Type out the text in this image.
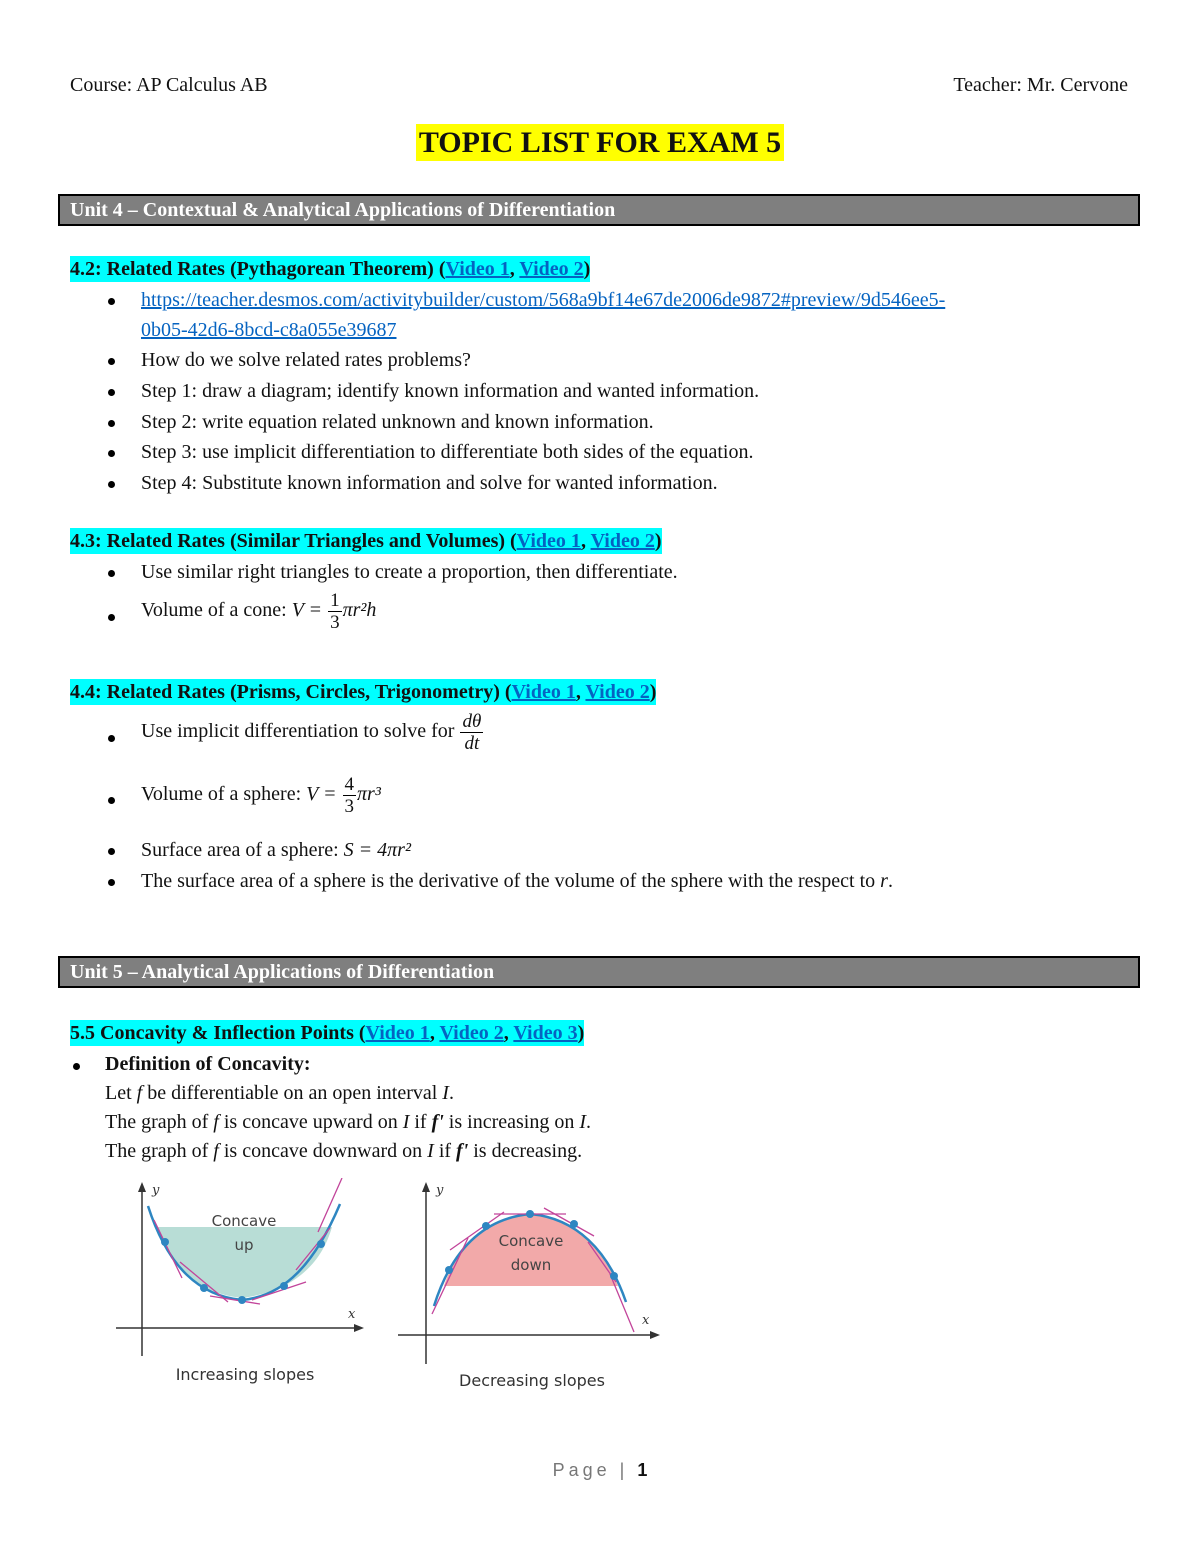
Course: AP Calculus AB	Teacher: Mr. Cervone
TOPIC LIST FOR EXAM 5
Unit 4 – Contextual & Analytical Applications of Differentiation
4.2: Related Rates (Pythagorean Theorem) (Video 1, Video 2)
https://teacher.desmos.com/activitybuilder/custom/568a9bf14e67de2006de9872#preview/9d546ee5-
0b05-42d6-8bcd-c8a055e39687
How do we solve related rates problems?
Step 1: draw a diagram; identify known information and wanted information.
Step 2: write equation related unknown and known information.
Step 3: use implicit differentiation to differentiate both sides of the equation.
Step 4: Substitute known information and solve for wanted information.
4.3: Related Rates (Similar Triangles and Volumes) (Video 1, Video 2)
Use similar right triangles to create a proportion, then differentiate.
Volume of a cone: $V = \frac{1}{3} \pi r^2h$
4.4: Related Rates (Prisms, Circles, Trigonometry) (Video 1, Video 2)
Use implicit differentiation to solve for $\frac{d\theta}{dt}$
Volume of a sphere: $V = \frac{4}{3} \pi r^3$
Surface area of a sphere: S = 4πr²
The surface area of a sphere is the derivative of the volume of the sphere with the respect to r.
Unit 5 – Analytical Applications of Differentiation
5.5 Concavity & Inflection Points (Video 1, Video 2, Video 3)
Definition of Concavity:
Let f be differentiable on an open interval I.
The graph of f is concave upward on I if f' is increasing on I.
The graph of f is concave downward on I if f' is decreasing.
y
x
Concave
up
Increasing slopes
y
x
Concave
down
Decreasing slopes
Page | 1
